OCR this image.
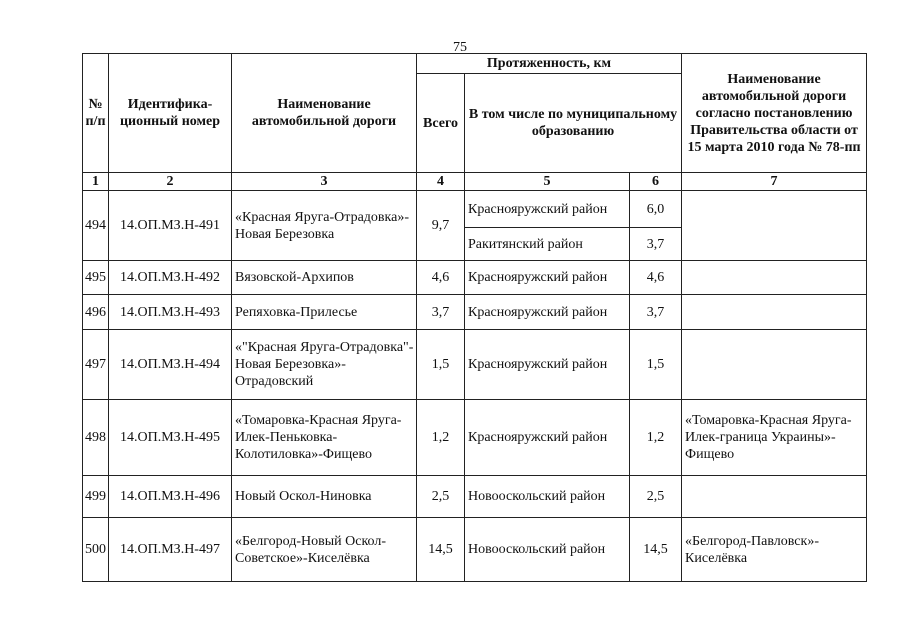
75
№ п/п	Идентифика-ционный номер	Наименование автомобильной дороги	Протяженность, км			Наименование автомобильной дороги согласно постановлению Правительства области от 15 марта 2010 года № 78-пп
			Всего	В том числе по муниципальному образованию		
1	2	3	4	5	6	7
494	14.ОП.МЗ.Н-491	«Красная Яруга-Отрадовка»-Новая Березовка	9,7	Краснояружский район	6,0	
				Ракитянский район	3,7	
495	14.ОП.МЗ.Н-492	Вязовской-Архипов	4,6	Краснояружский район	4,6	
496	14.ОП.МЗ.Н-493	Репяховка-Прилесье	3,7	Краснояружский район	3,7	
497	14.ОП.МЗ.Н-494	«"Красная Яруга-Отрадовка"-Новая Березовка»-Отрадовский	1,5	Краснояружский район	1,5	
498	14.ОП.МЗ.Н-495	«Томаровка-Красная Яруга-Илек-Пеньковка-Колотиловка»-Фищево	1,2	Краснояружский район	1,2	«Томаровка-Красная Яруга-Илек-граница Украины»-Фищево
499	14.ОП.МЗ.Н-496	Новый Оскол-Ниновка	2,5	Новооскольский район	2,5	
500	14.ОП.МЗ.Н-497	«Белгород-Новый Оскол-Советское»-Киселёвка	14,5	Новооскольский район	14,5	«Белгород-Павловск»-Киселёвка
